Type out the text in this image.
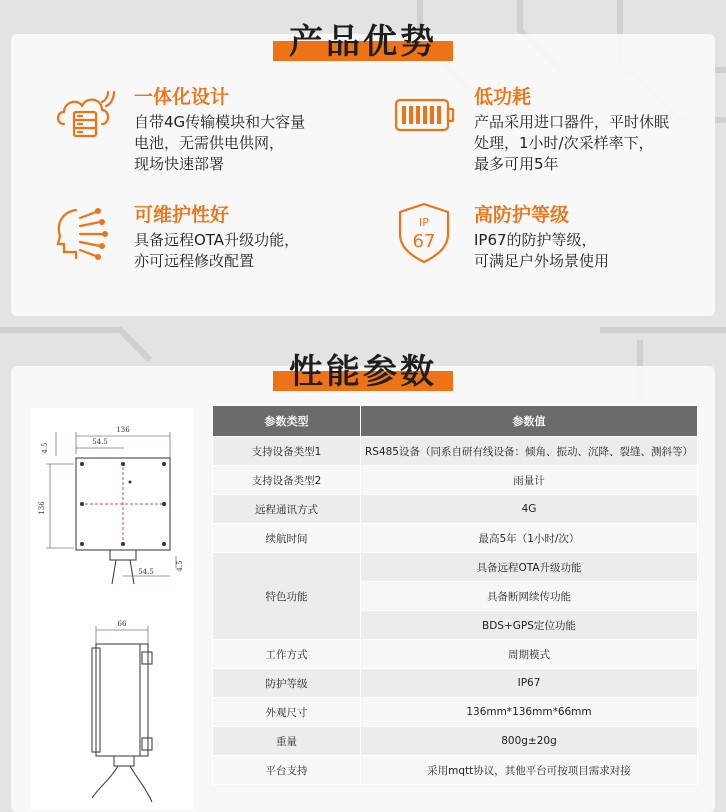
产品优势
性能参数
一体化设计
自带4G传输模块和大容量
电池，无需供电供网，
现场快速部署
低功耗
产品采用进口器件，平时休眠
处理，1小时/次采样率下，
最多可用5年
可维护性好
具备远程OTA升级功能，
亦可远程修改配置
IP
67
高防护等级
IP67的防护等级，
可满足户外场景使用
136
54.5
4.5
136
54.5
4.5
66
参数类型	参数值
支持设备类型1	RS485设备（同系自研有线设备：倾角、振动、沉降、裂缝、测斜等）
支持设备类型2	雨量计
远程通讯方式	4G
续航时间	最高5年（1小时/次）
特色功能	具备远程OTA升级功能
	具备断网续传功能
	BDS+GPS定位功能
工作方式	周期模式
防护等级	IP67
外观尺寸	136mm*136mm*66mm
重量	800g±20g
平台支持	采用mqtt协议，其他平台可按项目需求对接
